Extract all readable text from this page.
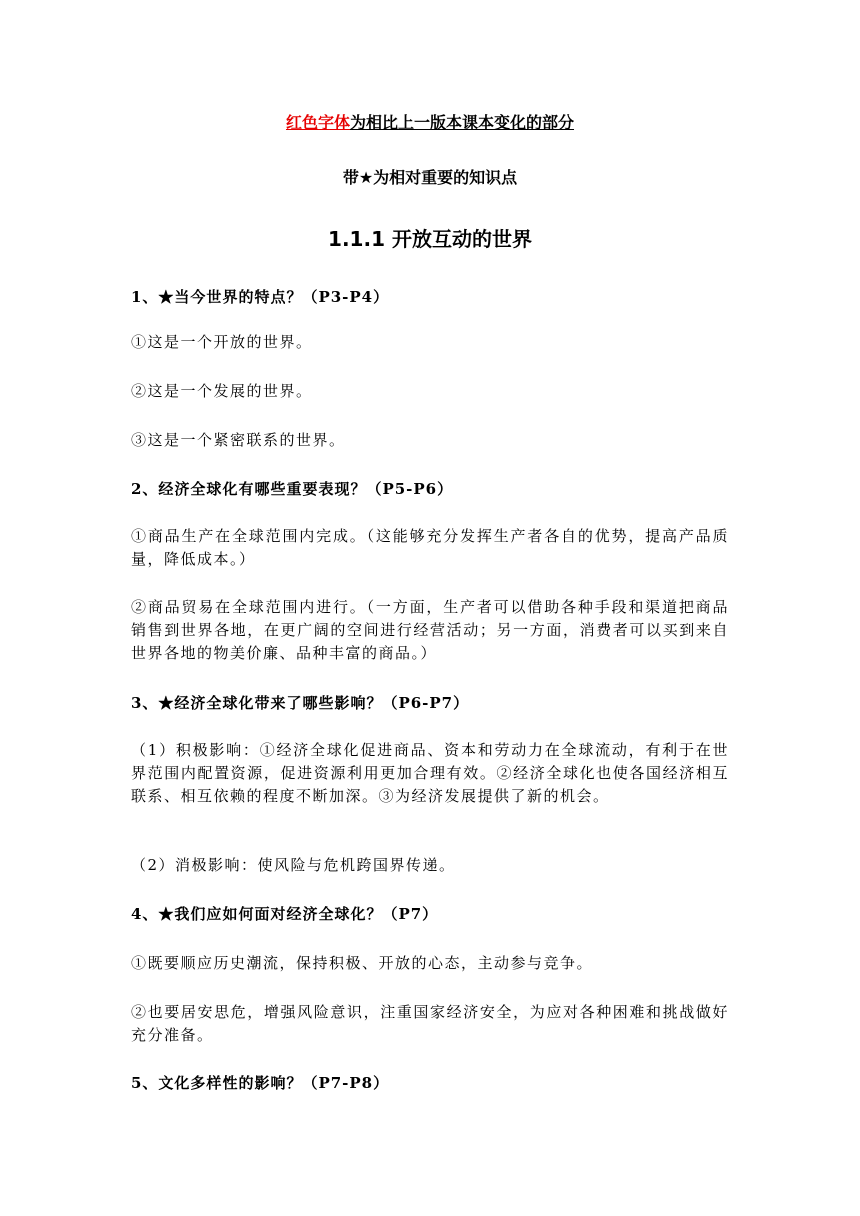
红色字体为相比上一版本课本变化的部分
带★为相对重要的知识点
1.1.1 开放互动的世界
1、★当今世界的特点？（P3-P4）
①这是一个开放的世界。
②这是一个发展的世界。
③这是一个紧密联系的世界。
2、经济全球化有哪些重要表现？（P5-P6）
①商品生产在全球范围内完成。（这能够充分发挥生产者各自的优势，提高产品质量，降低成本。）
②商品贸易在全球范围内进行。（一方面，生产者可以借助各种手段和渠道把商品销售到世界各地，在更广阔的空间进行经营活动；另一方面，消费者可以买到来自世界各地的物美价廉、品种丰富的商品。）
3、★经济全球化带来了哪些影响？（P6-P7）
（1）积极影响：①经济全球化促进商品、资本和劳动力在全球流动，有利于在世界范围内配置资源，促进资源利用更加合理有效。②经济全球化也使各国经济相互联系、相互依赖的程度不断加深。③为经济发展提供了新的机会。
（2）消极影响：使风险与危机跨国界传递。
4、★我们应如何面对经济全球化？（P7）
①既要顺应历史潮流，保持积极、开放的心态，主动参与竞争。
②也要居安思危，增强风险意识，注重国家经济安全，为应对各种困难和挑战做好充分准备。
5、文化多样性的影响？（P7-P8）
